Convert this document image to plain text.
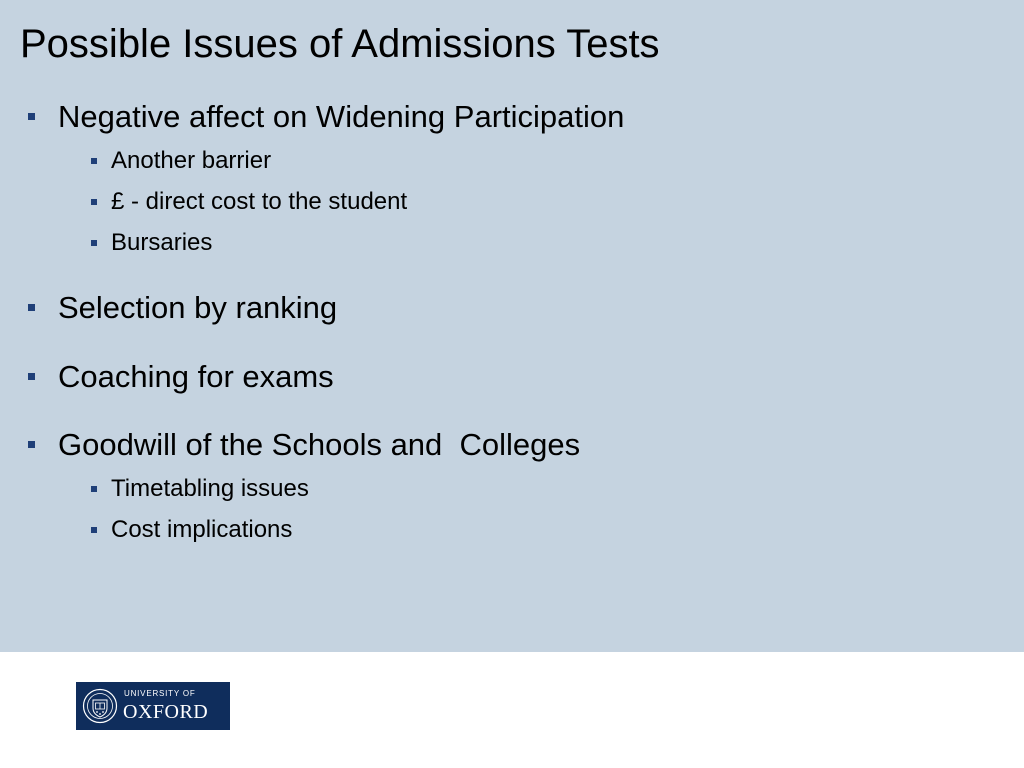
Possible Issues of Admissions Tests
Negative affect on Widening Participation
Another barrier
£ - direct cost to the student
Bursaries
Selection by ranking
Coaching for exams
Goodwill of the Schools and  Colleges
Timetabling issues
Cost implications
UNIVERSITY OF
OXFORD
